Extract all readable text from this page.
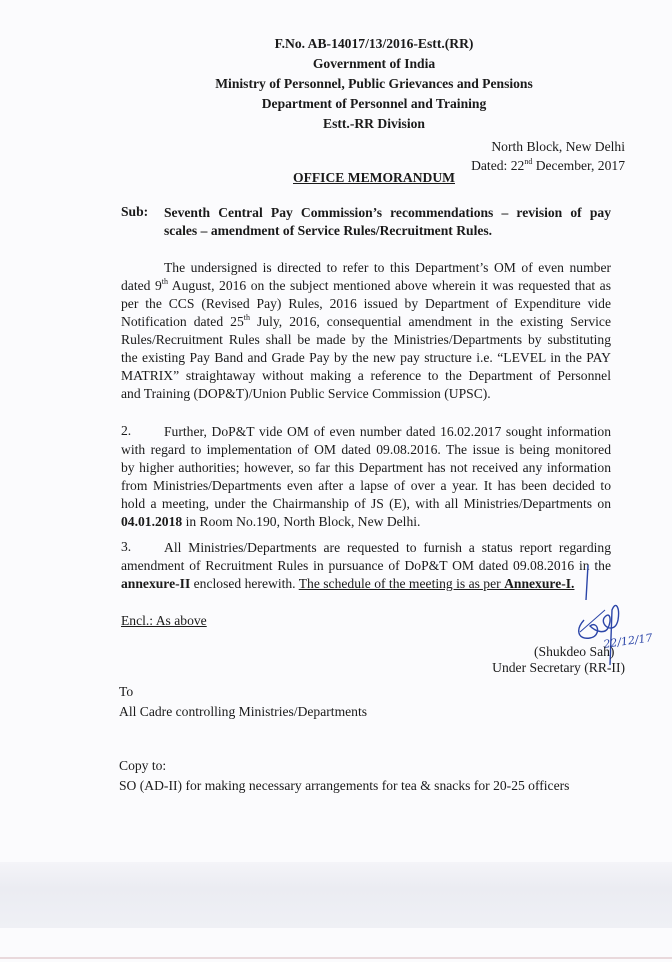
F.No. AB-14017/13/2016-Estt.(RR)
Government of India
Ministry of Personnel, Public Grievances and Pensions
Department of Personnel and Training
Estt.-RR Division
North Block, New Delhi
Dated: 22nd December, 2017
OFFICE MEMORANDUM
Sub: Seventh Central Pay Commission’s recommendations – revision of pay
scales – amendment of Service Rules/Recruitment Rules.
The undersigned is directed to refer to this Department’s OM of even number
dated 9th August, 2016 on the subject mentioned above wherein it was requested that as
per the CCS (Revised Pay) Rules, 2016 issued by Department of Expenditure vide
Notification dated 25th July, 2016, consequential amendment in the existing Service
Rules/Recruitment Rules shall be made by the Ministries/Departments by substituting
the existing Pay Band and Grade Pay by the new pay structure i.e. “LEVEL in the PAY
MATRIX” straightaway without making a reference to the Department of Personnel
and Training (DOP&T)/Union Public Service Commission (UPSC).
2.	Further, DoP&T vide OM of even number dated 16.02.2017 sought information
with regard to implementation of OM dated 09.08.2016. The issue is being monitored
by higher authorities; however, so far this Department has not received any information
from Ministries/Departments even after a lapse of over a year. It has been decided to
hold a meeting, under the Chairmanship of JS (E), with all Ministries/Departments on
04.01.2018 in Room No.190, North Block, New Delhi.
3.	All Ministries/Departments are requested to furnish a status report regarding
amendment of Recruitment Rules in pursuance of DoP&T OM dated 09.08.2016 in the
annexure-II enclosed herewith. The schedule of the meeting is as per Annexure-I.
Encl.: As above
22/12/17
(Shukdeo Sah)
Under Secretary (RR-II)
To
All Cadre controlling Ministries/Departments
Copy to:
SO (AD-II) for making necessary arrangements for tea & snacks for 20-25 officers
